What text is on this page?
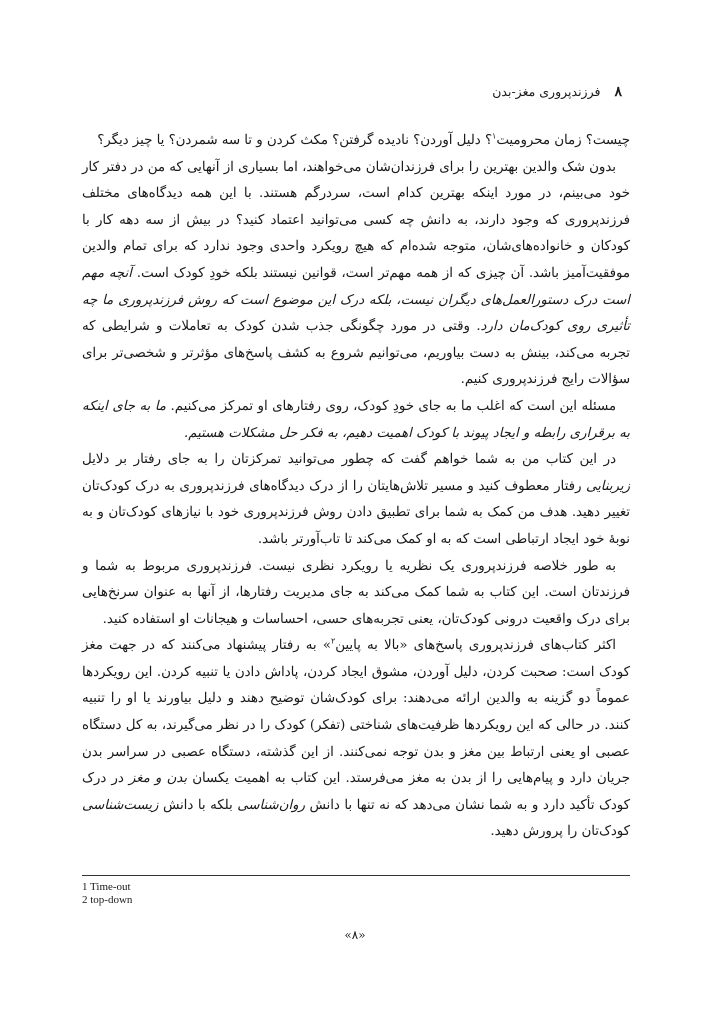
۸
فرزندپروری مغز-بدن

چیست؟ زمان محرومیت$^۱$؟ دلیل آوردن؟ نادیده گرفتن؟ مکث کردن و تا سه شمردن؟ یا چیز دیگر؟

بدون شک والدین بهترین را برای فرزندان‌شان می‌خواهند، اما بسیاری از آنهایی که من در دفتر کار خود می‌بینم، در مورد اینکه بهترین کدام است، سردرگم هستند. با این همه دیدگاه‌های مختلف فرزندپروری که وجود دارند، به دانش چه کسی می‌توانید اعتماد کنید؟ در بیش از سه دهه کار با کودکان و خانواده‌های‌شان، متوجه شده‌ام که هیچ رویکرد واحدی وجود ندارد که برای تمام والدین موفقیت‌آمیز باشد. آن چیزی که از همه مهم‌تر است، قوانین نیستند بلکه خودِ کودک است. آنچه مهم است درک دستورالعمل‌های دیگران نیست، بلکه درک این موضوع است که روش فرزندپروری ما چه تأثیری روی کودک‌مان دارد. وقتی در مورد چگونگی جذب شدن کودک به تعاملات و شرایطی که تجربه می‌کند، بینش به دست بیاوریم، می‌توانیم شروع به کشف پاسخ‌های مؤثرتر و شخصی‌تر برای سؤالات رایج فرزندپروری کنیم.

مسئله این است که اغلب ما به جای خودِ کودک، روی رفتارهای او تمرکز می‌کنیم. ما به جای اینکه به برقراری رابطه و ایجاد پیوند با کودک اهمیت دهیم، به فکر حل مشکلات هستیم.

در این کتاب من به شما خواهم گفت که چطور می‌توانید تمرکزتان را به جای رفتار بر دلایل زیربنایی رفتار معطوف کنید و مسیر تلاش‌هایتان را از درک دیدگاه‌های فرزندپروری به درک کودک‌تان تغییر دهید. هدف من کمک به شما برای تطبیق دادن روش فرزندپروری خود با نیازهای کودک‌تان و به نوبهٔ خود ایجاد ارتباطی است که به او کمک می‌کند تا تاب‌آورتر باشد.

به طور خلاصه فرزندپروری یک نظریه یا رویکرد نظری نیست. فرزندپروری مربوط به شما و فرزندتان است. این کتاب به شما کمک می‌کند به جای مدیریت رفتارها، از آنها به عنوان سرنخ‌هایی برای درک واقعیت درونی کودک‌تان، یعنی تجربه‌های حسی، احساسات و هیجانات او استفاده کنید.

اکثر کتاب‌های فرزندپروری پاسخ‌های «بالا به پایین$^۲$» به رفتار پیشنهاد می‌کنند که در جهت مغز کودک است: صحبت کردن، دلیل آوردن، مشوق ایجاد کردن، پاداش دادن یا تنبیه کردن. این رویکردها عموماً دو گزینه به والدین ارائه می‌دهند: برای کودک‌شان توضیح دهند و دلیل بیاورند یا او را تنبیه کنند. در حالی که این رویکردها ظرفیت‌های شناختی (تفکر) کودک را در نظر می‌گیرند، به کل دستگاه عصبی او یعنی ارتباط بین مغز و بدن توجه نمی‌کنند. از این گذشته، دستگاه عصبی در سراسر بدن جریان دارد و پیام‌هایی را از بدن به مغز می‌فرستد. این کتاب به اهمیت یکسان بدن و مغز در درک کودک تأکید دارد و به شما نشان می‌دهد که نه تنها با دانش روان‌شناسی بلکه با دانش زیست‌شناسی کودک‌تان را پرورش دهید.

1 Time-out
2 top-down
«۸»
